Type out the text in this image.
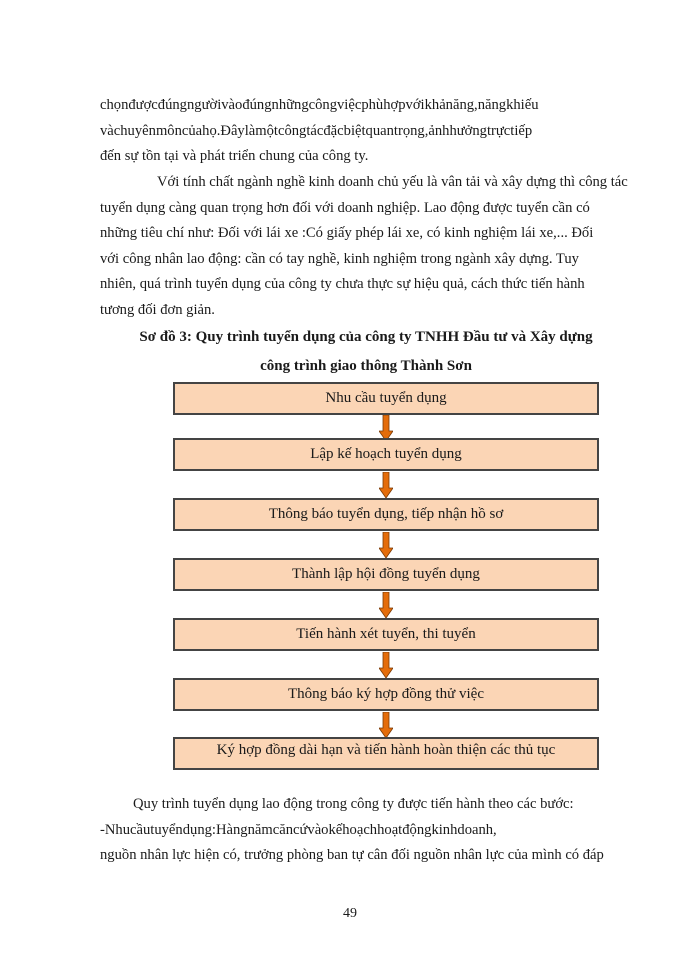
chọnđượcđúngngườivàođúngnhữngcôngviệcphùhợpvớikhảnăng,năngkhiếu
vàchuyênmôncủahọ.Đâylàmộtcôngtácđặcbiệtquantrọng,ảnhhưởngtrựctiếp
đến sự tồn tại và phát triển chung của công ty.
Với tính chất ngành nghề kinh doanh chủ yếu là vân tải và xây dựng thì công tác
tuyển dụng càng quan trọng hơn đối với doanh nghiệp. Lao động được tuyển cần có
những tiêu chí như: Đối với lái xe :Có giấy phép lái xe, có kinh nghiệm lái xe,... Đối
với công nhân lao động: cần có tay nghề, kinh nghiệm trong ngành xây dựng. Tuy
nhiên, quá trình tuyển dụng của công ty chưa thực sự hiệu quả, cách thức tiến hành
tương đối đơn giản.

Sơ đồ 3: Quy trình tuyển dụng của công ty TNHH Đầu tư và Xây dựng

công trình giao thông Thành Sơn

Nhu cầu tuyển dụng
Lập kế hoạch tuyển dụng
Thông báo tuyển dụng, tiếp nhận hồ sơ
Thành lập hội đồng tuyển dụng
Tiến hành xét tuyển, thi tuyển
Thông báo ký hợp đồng thử việc
Ký hợp đồng dài hạn và tiến hành hoàn thiện các thủ tục
Quy trình tuyển dụng lao động trong công ty được tiến hành theo các bước:
-Nhucầutuyểndụng:Hàngnămcăncứvàokếhoạchhoạtđộngkinhdoanh,
nguồn nhân lực hiện có, trưởng phòng ban tự cân đối nguồn nhân lực của mình có đáp
49
